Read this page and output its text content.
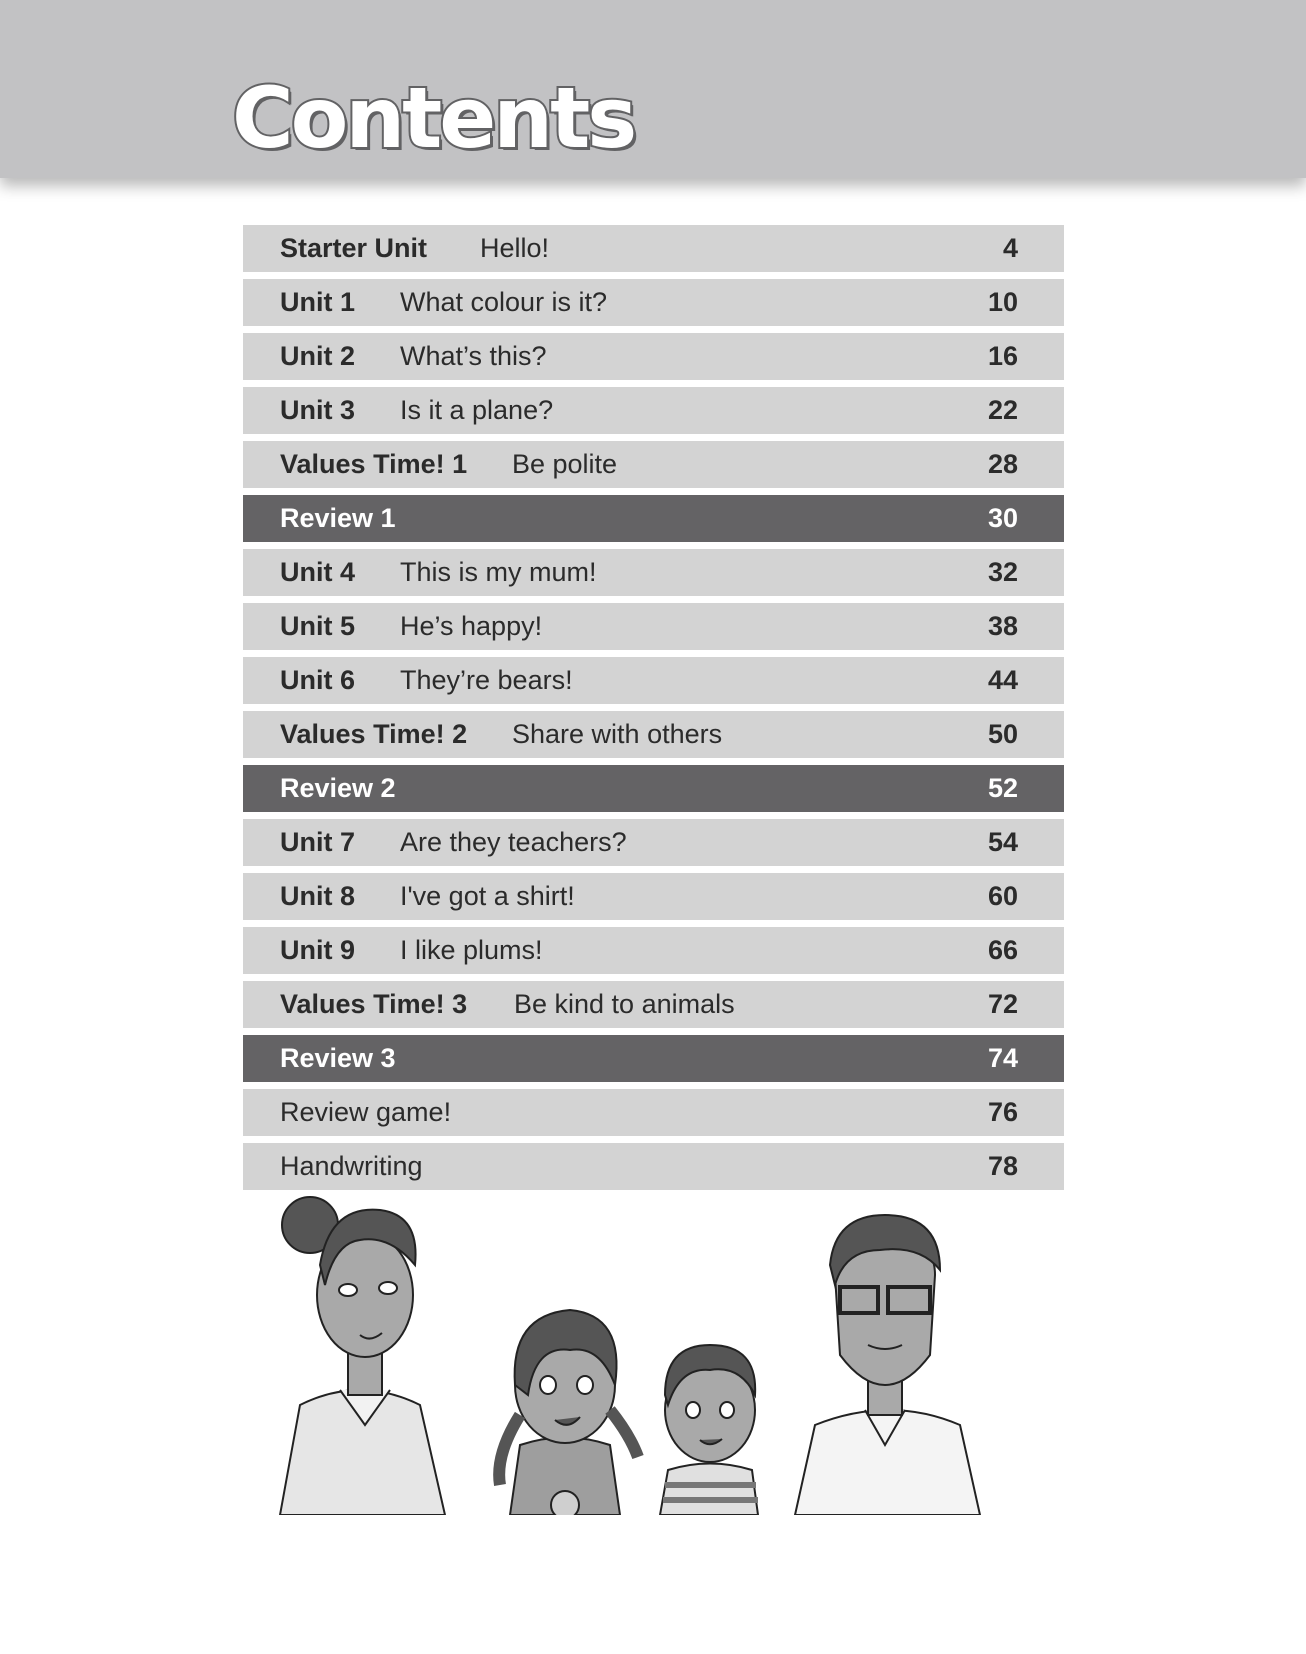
Contents
Starter Unit Hello!	4
Unit 1 What colour is it?	10
Unit 2 What’s this?	16
Unit 3 Is it a plane?	22
Values Time! 1 Be polite	28
Review 1	30
Unit 4 This is my mum!	32
Unit 5 He’s happy!	38
Unit 6 They’re bears!	44
Values Time! 2 Share with others	50
Review 2	52
Unit 7 Are they teachers?	54
Unit 8 I've got a shirt!	60
Unit 9 I like plums!	66
Values Time! 3 Be kind to animals	72
Review 3	74
Review game!	76
Handwriting	78
